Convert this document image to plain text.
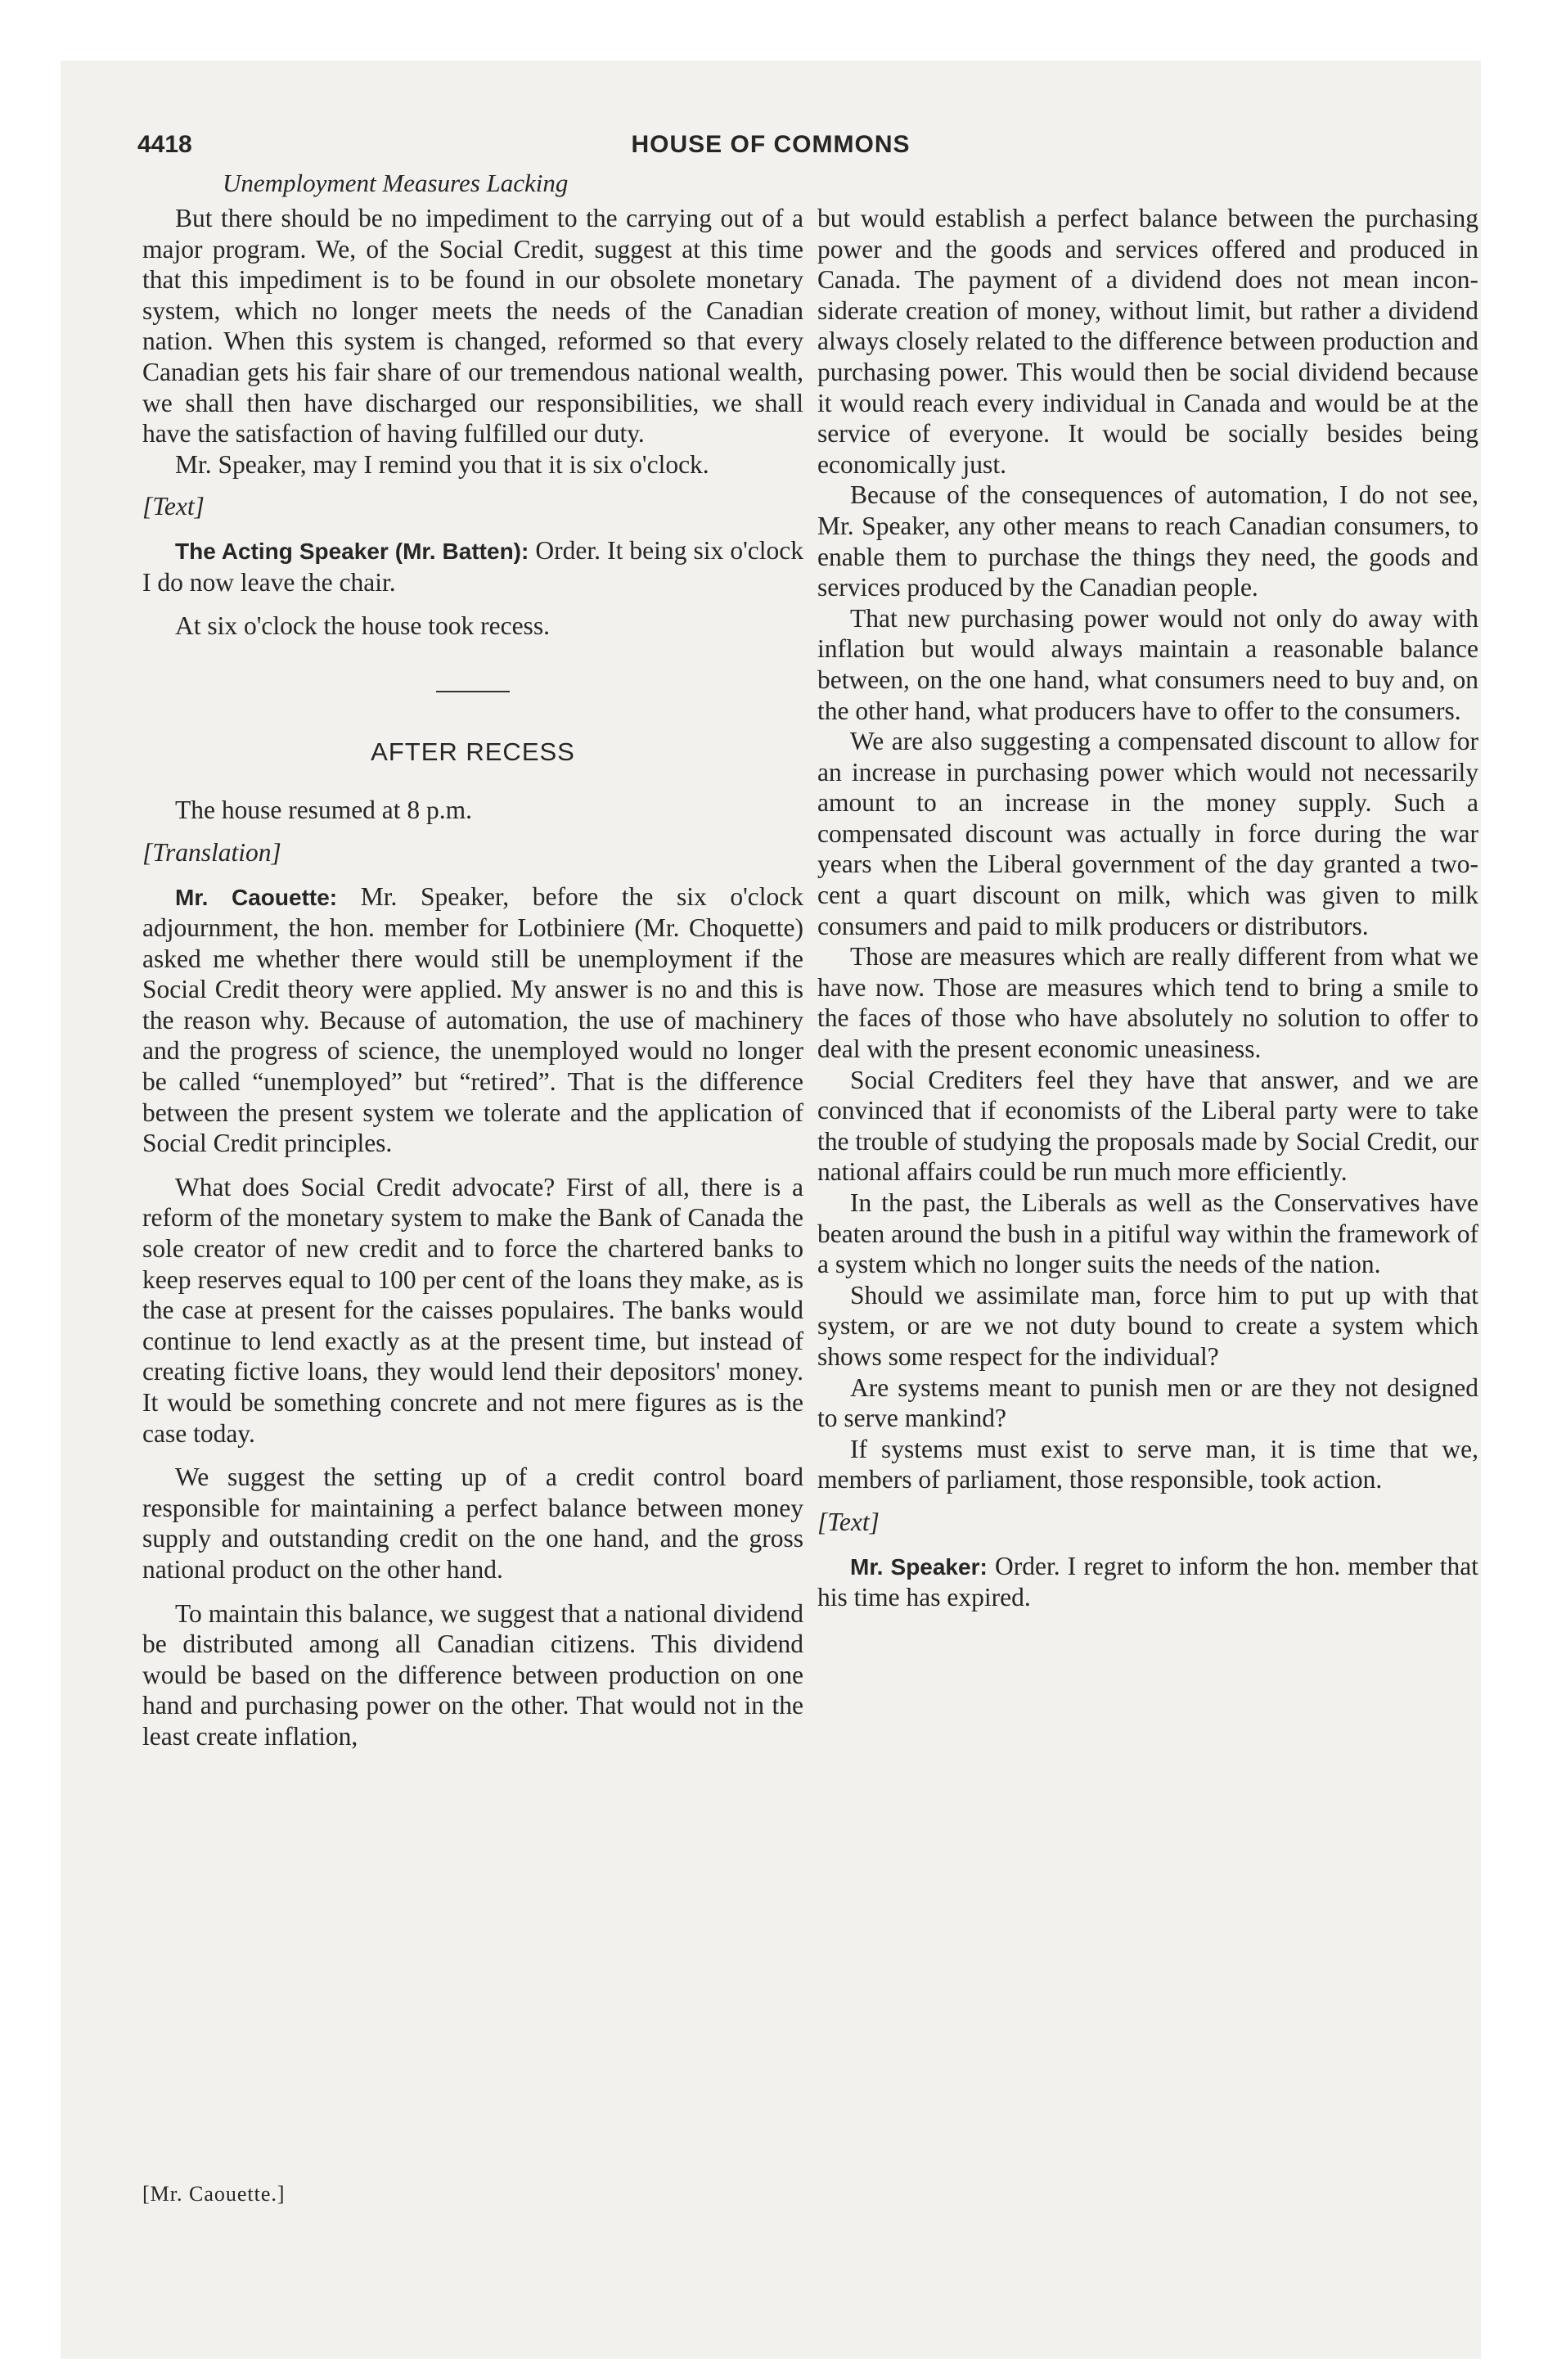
4418	HOUSE OF COMMONS
Unemployment Measures Lacking

But there should be no impediment to the carrying out of a major program. We, of the Social Credit, suggest at this time that this impediment is to be found in our obsolete monetary system, which no longer meets the needs of the Canadian nation. When this system is changed, reformed so that every Canadian gets his fair share of our tremendous national wealth, we shall then have discharged our responsibilities, we shall have the satisfaction of having fulfilled our duty.

Mr. Speaker, may I remind you that it is six o'clock.

[Text]

The Acting Speaker (Mr. Batten): Order. It being six o'clock I do now leave the chair.

At six o'clock the house took recess.

AFTER RECESS

The house resumed at 8 p.m.

[Translation]

Mr. Caouette: Mr. Speaker, before the six o'clock adjournment, the hon. member for Lotbiniere (Mr. Choquette) asked me whether there would still be unemployment if the Social Credit theory were applied. My answer is no and this is the reason why. Because of automation, the use of machinery and the progress of science, the unemployed would no longer be called “unemployed” but “retired”. That is the difference between the present system we tolerate and the application of Social Credit principles.

What does Social Credit advocate? First of all, there is a reform of the monetary system to make the Bank of Canada the sole creator of new credit and to force the chartered banks to keep reserves equal to 100 per cent of the loans they make, as is the case at present for the caisses populaires. The banks would continue to lend exactly as at the present time, but instead of creating fictive loans, they would lend their depositors' money. It would be something concrete and not mere figures as is the case today.

We suggest the setting up of a credit control board responsible for maintaining a perfect balance between money supply and outstanding credit on the one hand, and the gross national product on the other hand.

To maintain this balance, we suggest that a national dividend be distributed among all Canadian citizens. This dividend would be based on the difference between production on one hand and purchasing power on the other. That would not in the least create inflation,

[Mr. Caouette.]

but would establish a perfect balance between the purchasing power and the goods and services offered and produced in Canada. The payment of a dividend does not mean inconsiderate creation of money, without limit, but rather a dividend always closely related to the difference between production and purchasing power. This would then be social dividend because it would reach every individual in Canada and would be at the service of everyone. It would be socially besides being economically just.

Because of the consequences of automation, I do not see, Mr. Speaker, any other means to reach Canadian consumers, to enable them to purchase the things they need, the goods and services produced by the Canadian people.

That new purchasing power would not only do away with inflation but would always maintain a reasonable balance between, on the one hand, what consumers need to buy and, on the other hand, what producers have to offer to the consumers.

We are also suggesting a compensated discount to allow for an increase in purchasing power which would not necessarily amount to an increase in the money supply. Such a compensated discount was actually in force during the war years when the Liberal government of the day granted a two-cent a quart discount on milk, which was given to milk consumers and paid to milk producers or distributors.

Those are measures which are really different from what we have now. Those are measures which tend to bring a smile to the faces of those who have absolutely no solution to offer to deal with the present economic uneasiness.

Social Crediters feel they have that answer, and we are convinced that if economists of the Liberal party were to take the trouble of studying the proposals made by Social Credit, our national affairs could be run much more efficiently.

In the past, the Liberals as well as the Conservatives have beaten around the bush in a pitiful way within the framework of a system which no longer suits the needs of the nation.

Should we assimilate man, force him to put up with that system, or are we not duty bound to create a system which shows some respect for the individual?

Are systems meant to punish men or are they not designed to serve mankind?

If systems must exist to serve man, it is time that we, members of parliament, those responsible, took action.

[Text]

Mr. Speaker: Order. I regret to inform the hon. member that his time has expired.
